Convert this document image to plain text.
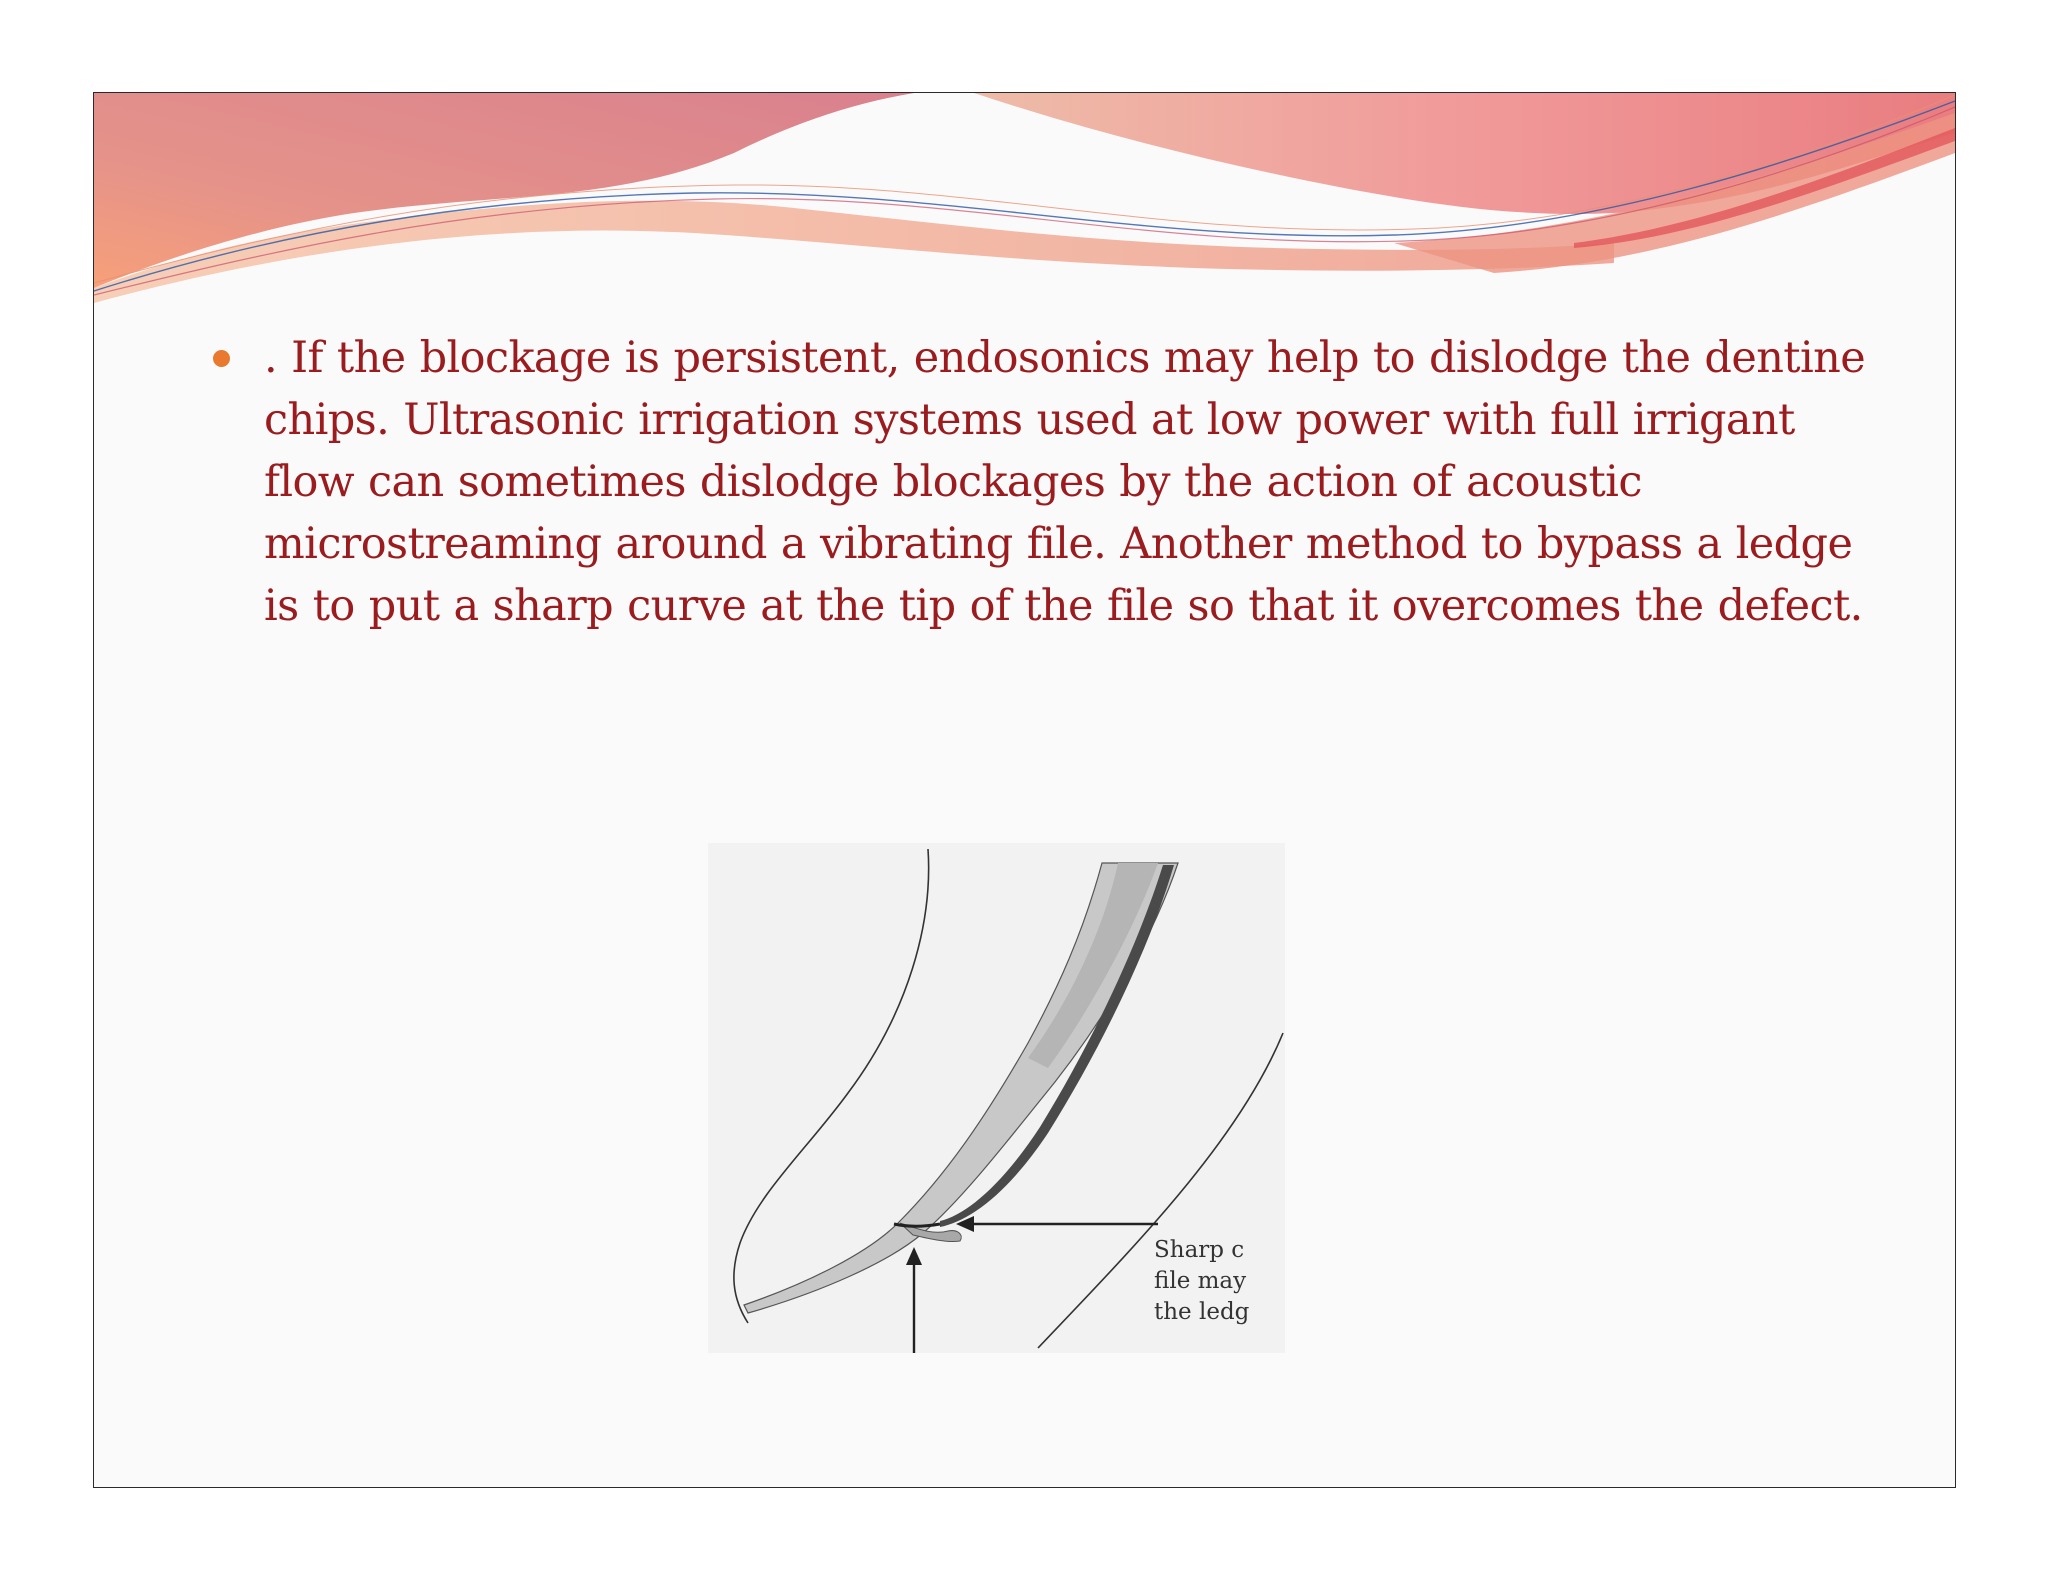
. If the blockage is persistent, endosonics may help to dislodge the dentine chips. Ultrasonic irrigation systems used at low power with full irrigant flow can sometimes dislodge blockages by the action of acoustic microstreaming around a vibrating file. Another method to bypass a ledge is to put a sharp curve at the tip of the file so that it overcomes the defect.

Sharp c
file may
the ledg
